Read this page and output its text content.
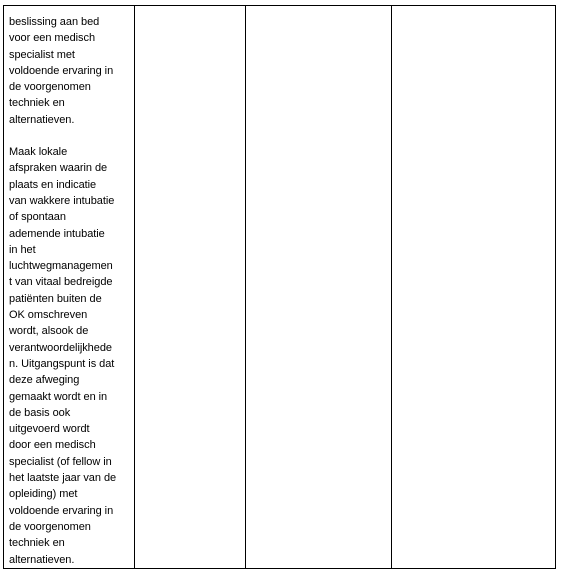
beslissing aan bed
voor een medisch
specialist met
voldoende ervaring in
de voorgenomen
techniek en
alternatieven.

Maak lokale
afspraken waarin de
plaats en indicatie
van wakkere intubatie
of spontaan
ademende intubatie
in het
luchtwegmanagemen
t van vitaal bedreigde
patiënten buiten de
OK omschreven
wordt, alsook de
verantwoordelijkhede
n. Uitgangspunt is dat
deze afweging
gemaakt wordt en in
de basis ook
uitgevoerd wordt
door een medisch
specialist (of fellow in
het laatste jaar van de
opleiding) met
voldoende ervaring in
de voorgenomen
techniek en
alternatieven.
